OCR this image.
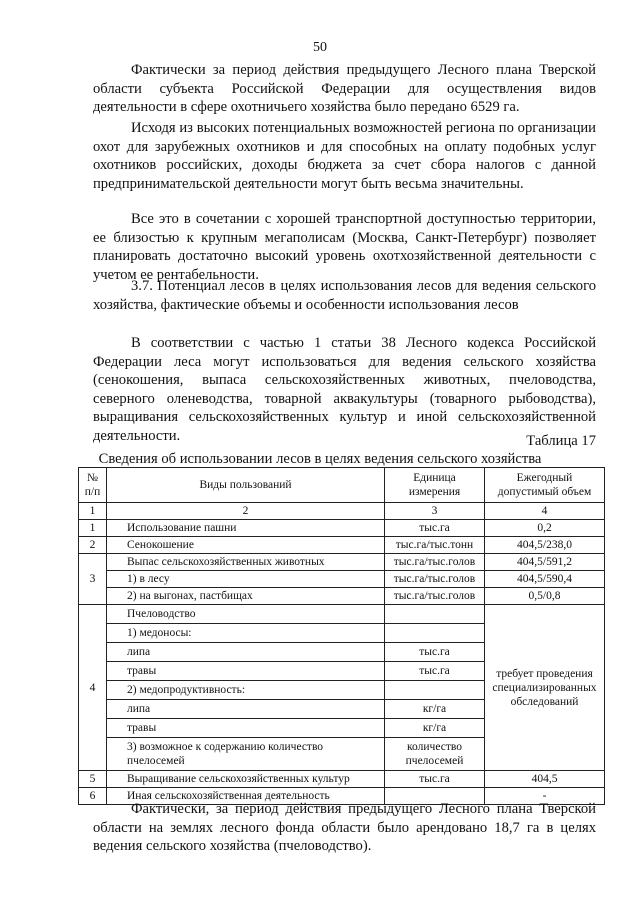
50

Фактически за период действия предыдущего Лесного плана Тверской области субъекта Российской Федерации для осуществления видов деятельности в сфере охотничьего хозяйства было передано 6529 га.

Исходя из высоких потенциальных возможностей региона по организации охот для зарубежных охотников и для способных на оплату подобных услуг охотников российских, доходы бюджета за счет сбора налогов с данной предпринимательской деятельности могут быть весьма значительны.

Все это в сочетании с хорошей транспортной доступностью территории, ее близостью к крупным мегаполисам (Москва, Санкт-Петербург) позволяет планировать достаточно высокий уровень охотхозяйственной деятельности с учетом ее рентабельности.

3.7. Потенциал лесов в целях использования лесов для ведения сельского хозяйства, фактические объемы и особенности использования лесов

В соответствии с частью 1 статьи 38 Лесного кодекса Российской Федерации леса могут использоваться для ведения сельского хозяйства (сенокошения, выпаса сельскохозяйственных животных, пчеловодства, северного оленеводства, товарной аквакультуры (товарного рыбоводства), выращивания сельскохозяйственных культур и иной сельскохозяйственной деятельности.	Таблица 17
Сведения об использовании лесов в целях ведения сельского хозяйства
№ п/п	Виды пользований	Единица измерения	Ежегодный допустимый объем
1	2	3	4
1	Использование пашни	тыс.га	0,2
2	Сенокошение	тыс.га/тыс.тонн	404,5/238,0
3	Выпас сельскохозяйственных животных	тыс.га/тыс.голов	404,5/591,2
	1) в лесу	тыс.га/тыс.голов	404,5/590,4
	2) на выгонах, пастбищах	тыс.га/тыс.голов	0,5/0,8
4	Пчеловодство		требует проведения специализированных обследований
	1) медоносы:		
	липа	тыс.га	
	травы	тыс.га	
	2) медопродуктивность:		
	липа	кг/га	
	травы	кг/га	
	3) возможное к содержанию количество пчелосемей	количество пчелосемей	
5	Выращивание сельскохозяйственных культур	тыс.га	404,5
6	Иная сельскохозяйственная деятельность		-

Фактически, за период действия предыдущего Лесного плана Тверской области на землях лесного фонда области было арендовано 18,7 га в целях ведения сельского хозяйства (пчеловодство).
